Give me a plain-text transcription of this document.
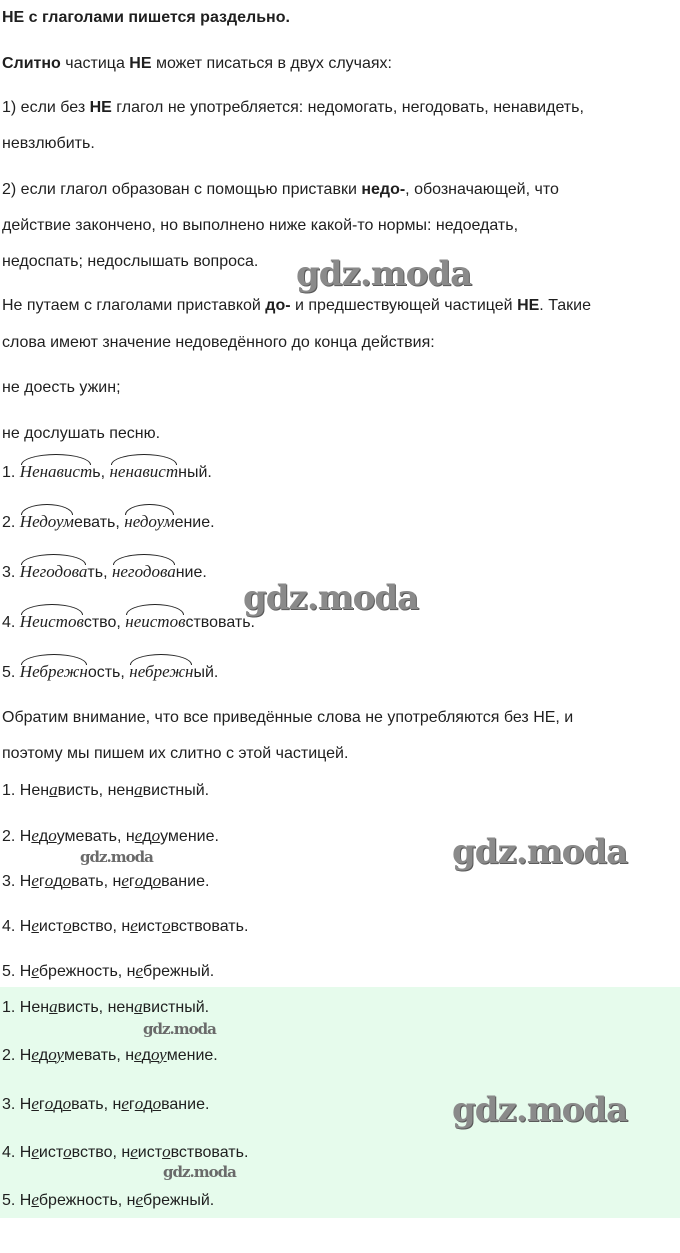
НЕ с глаголами пишется раздельно.
Слитно частица НЕ может писаться в двух случаях:
1) если без НЕ глагол не употребляется: недомогать, негодовать, ненавидеть,
невзлюбить.
2) если глагол образован с помощью приставки недо-, обозначающей, что
действие закончено, но выполнено ниже какой-то нормы: недоедать,
недоспать; недослышать вопроса.
Не путаем с глаголами приставкой до- и предшествующей частицей НЕ. Такие
слова имеют значение недоведённого до конца действия:
не доесть ужин;
не дослушать песню.
1. Ненависть, ненавистный.
2. Недоумевать, недоумение.
3. Негодовать, негодование.
4. Неистовство, неистовствовать.
5. Небрежность, небрежный.
Обратим внимание, что все приведённые слова не употребляются без НЕ, и
поэтому мы пишем их слитно с этой частицей.
1. Ненависть, ненавистный.
2. Недоумевать, недоумение.
3. Негодовать, негодование.
4. Неистовство, неистовствовать.
5. Небрежность, небрежный.
1. Ненависть, ненавистный.
2. Недоумевать, недоумение.
3. Негодовать, негодование.
4. Неистовство, неистовствовать.
5. Небрежность, небрежный.
gdz.moda
gdz.moda
gdz.moda
gdz.moda
gdz.moda
gdz.moda
gdz.moda
